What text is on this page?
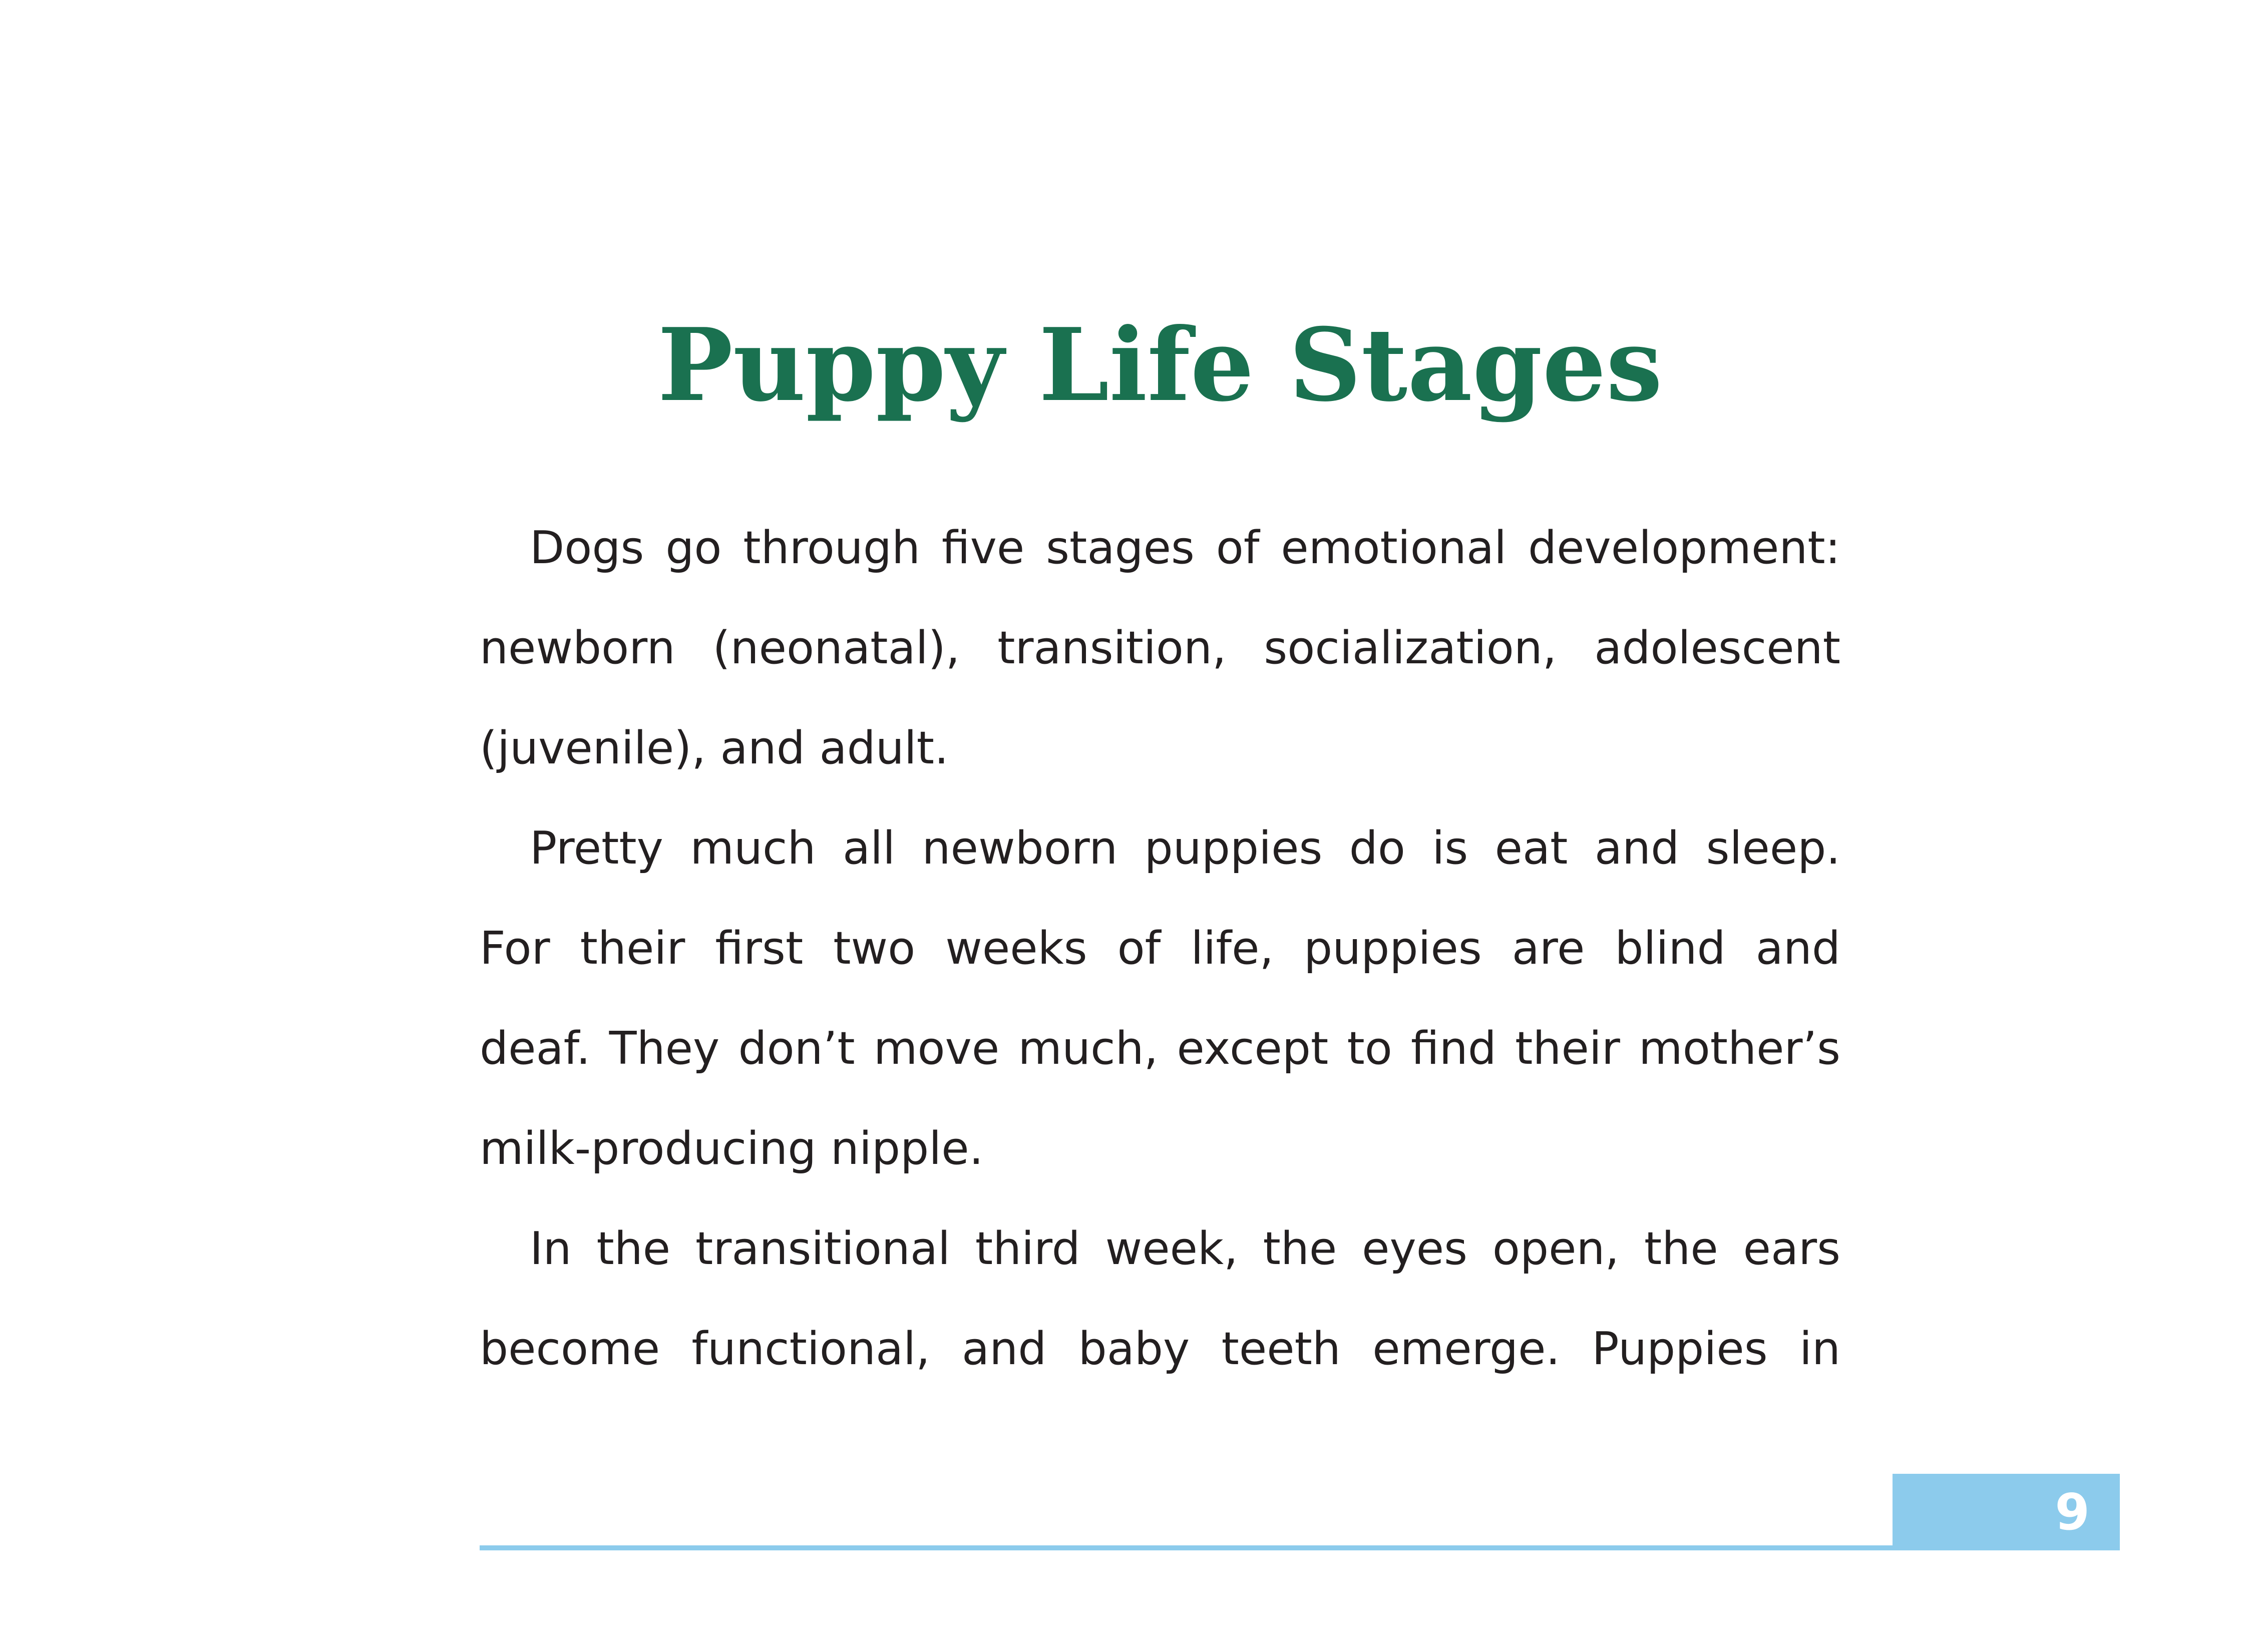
Puppy Life Stages
Dogs go through five stages of emotional development:
newborn (neonatal), transition, socialization, adolescent
(juvenile), and adult.
Pretty much all newborn puppies do is eat and sleep.
For their first two weeks of life, puppies are blind and
deaf. They don’t move much, except to find their mother’s
milk-producing nipple.
In the transitional third week, the eyes open, the ears
become functional, and baby teeth emerge. Puppies in
9
